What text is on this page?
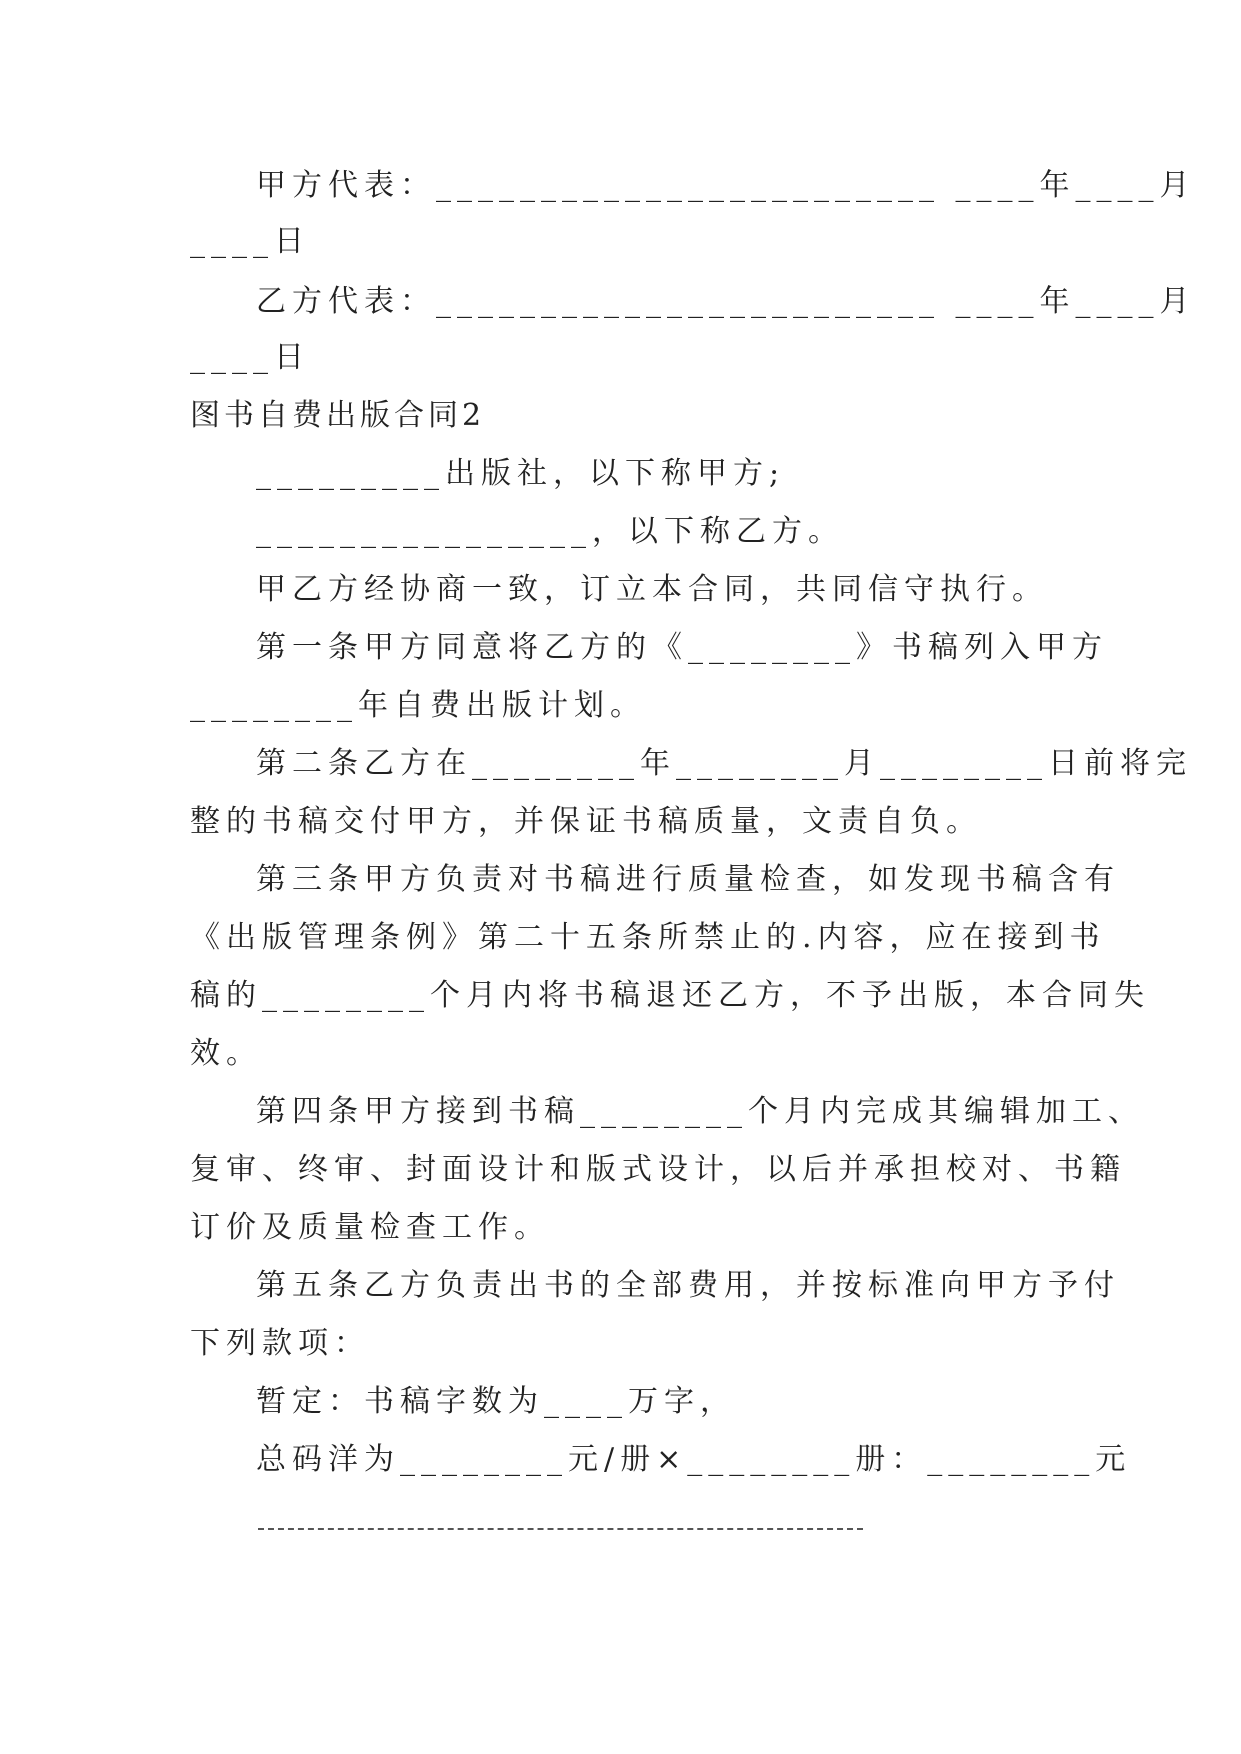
甲方代表：________________________ ____年____月
____日
乙方代表：________________________ ____年____月
____日
图书自费出版合同2
_________出版社，以下称甲方;
________________，以下称乙方。
甲乙方经协商一致，订立本合同，共同信守执行。
第一条甲方同意将乙方的《________》书稿列入甲方
________年自费出版计划。
第二条乙方在________年________月________日前将完
整的书稿交付甲方，并保证书稿质量，文责自负。
第三条甲方负责对书稿进行质量检查，如发现书稿含有
《出版管理条例》第二十五条所禁止的.内容，应在接到书
稿的________个月内将书稿退还乙方，不予出版，本合同失
效。
第四条甲方接到书稿________个月内完成其编辑加工、
复审、终审、封面设计和版式设计，以后并承担校对、书籍
订价及质量检查工作。
第五条乙方负责出书的全部费用，并按标准向甲方予付
下列款项：
暂定：书稿字数为____万字，
总码洋为________元/册×________册：________元
